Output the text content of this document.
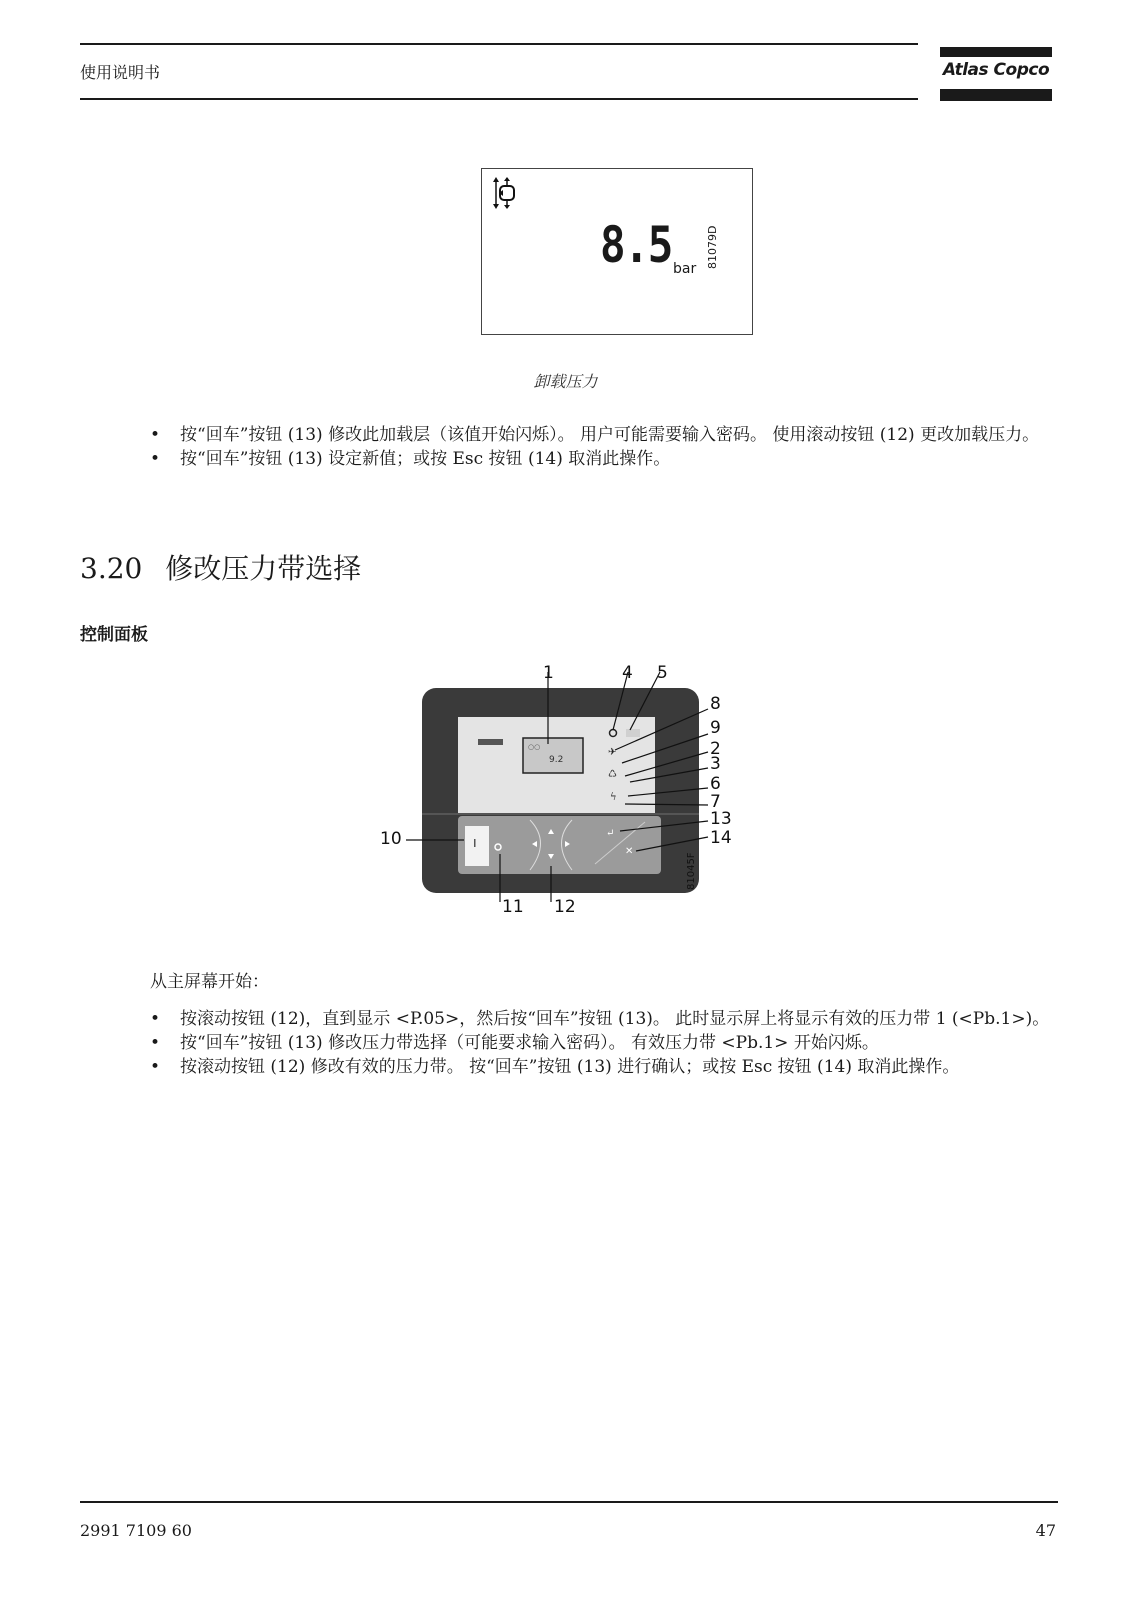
使用说明书	Atlas Copco
8.5 bar 81079D
卸载压力
• 按“回车”按钮 (13) 修改此加载层（该值开始闪烁）。 用户可能需要输入密码。 使用滚动按钮 (12) 更改加载压力。
• 按“回车”按钮 (13) 设定新值；或按 Esc 按钮 (14) 取消此操作。
3.20 修改压力带选择
控制面板
9.2
○○	✈
♺
ϟ
↵
✕
1	4 5
8
9
2
3
6
7
13
14
10
11 12
81045F
从主屏幕开始：
• 按滚动按钮 (12)，直到显示 <P.05>，然后按“回车”按钮 (13)。 此时显示屏上将显示有效的压力带 1 (<Pb.1>)。
• 按“回车”按钮 (13) 修改压力带选择（可能要求输入密码）。 有效压力带 <Pb.1> 开始闪烁。
• 按滚动按钮 (12) 修改有效的压力带。 按“回车”按钮 (13) 进行确认；或按 Esc 按钮 (14) 取消此操作。
2991 7109 60	47
